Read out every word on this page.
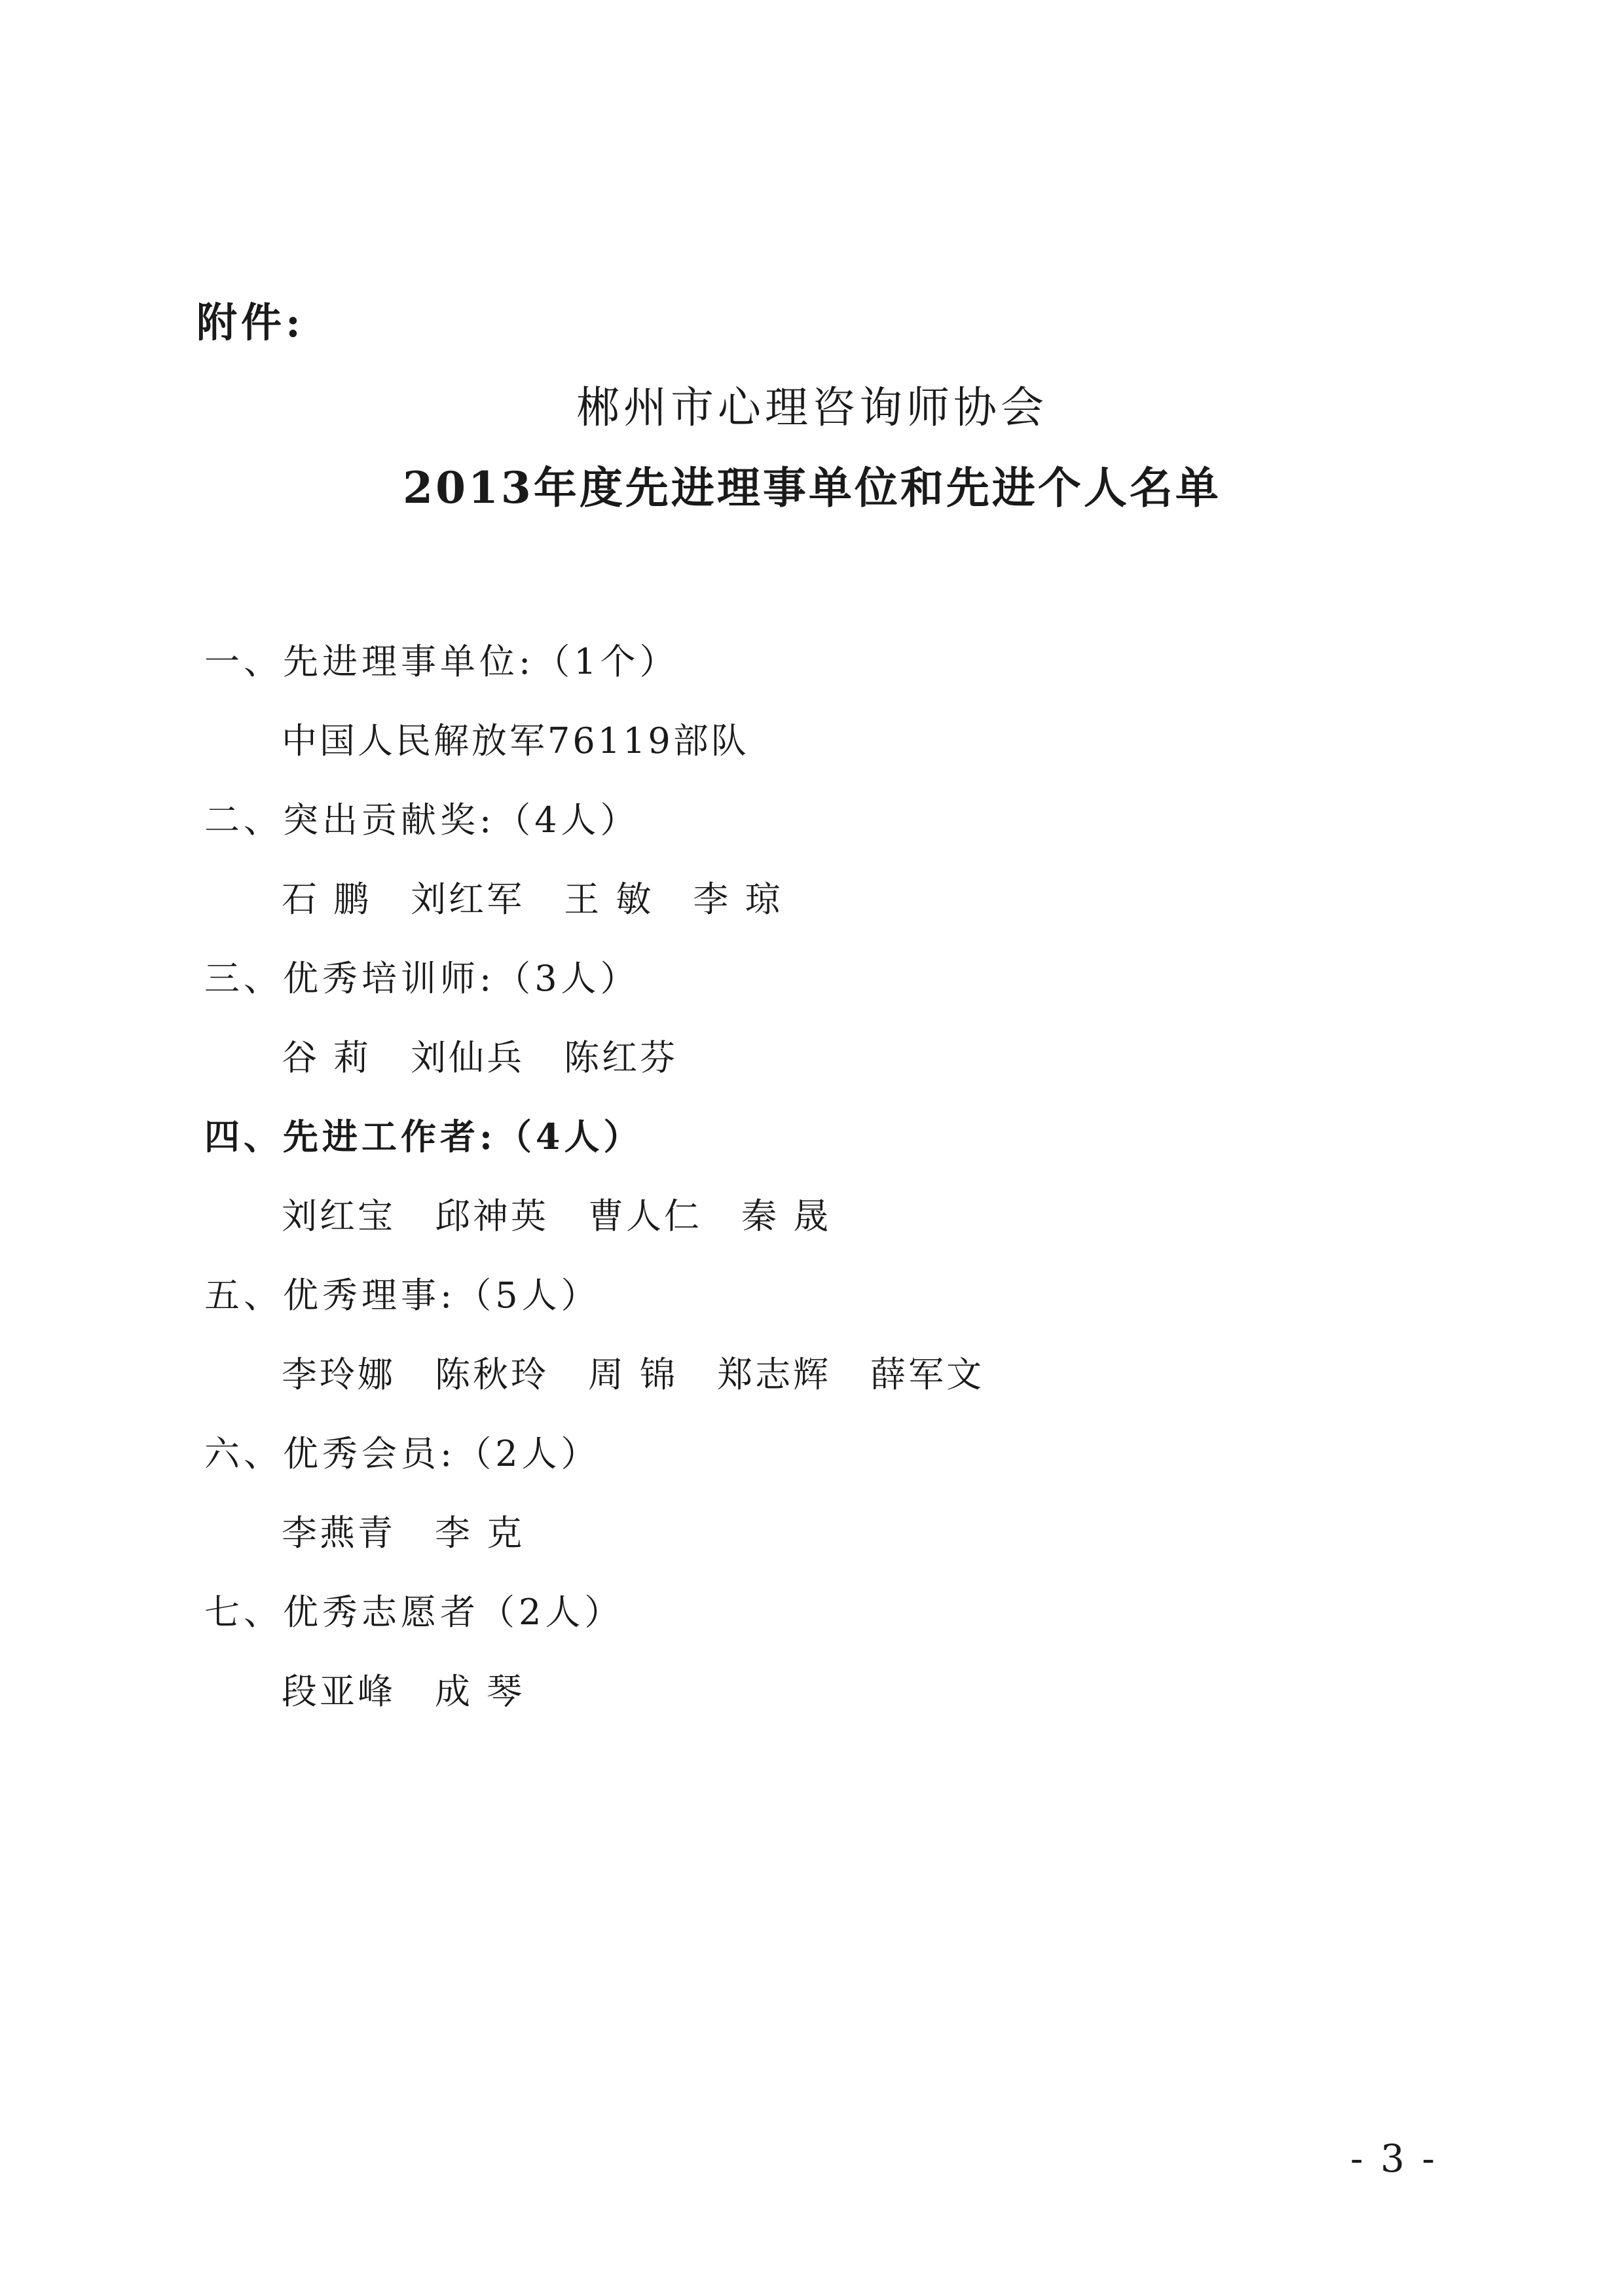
附件:
郴州市心理咨询师协会
2013年度先进理事单位和先进个人名单
一、先进理事单位:（1个）
中国人民解放军76119部队
二、突出贡献奖:（4人）
石 鹏 刘红军 王 敏 李 琼
三、优秀培训师:（3人）
谷 莉 刘仙兵 陈红芬
四、先进工作者:（4人）
刘红宝 邱神英 曹人仁 秦 晟
五、优秀理事:（5人）
李玲娜 陈秋玲 周 锦 郑志辉 薛军文
六、优秀会员:（2人）
李燕青 李 克
七、优秀志愿者（2人）
段亚峰 成 琴
- 3 -
